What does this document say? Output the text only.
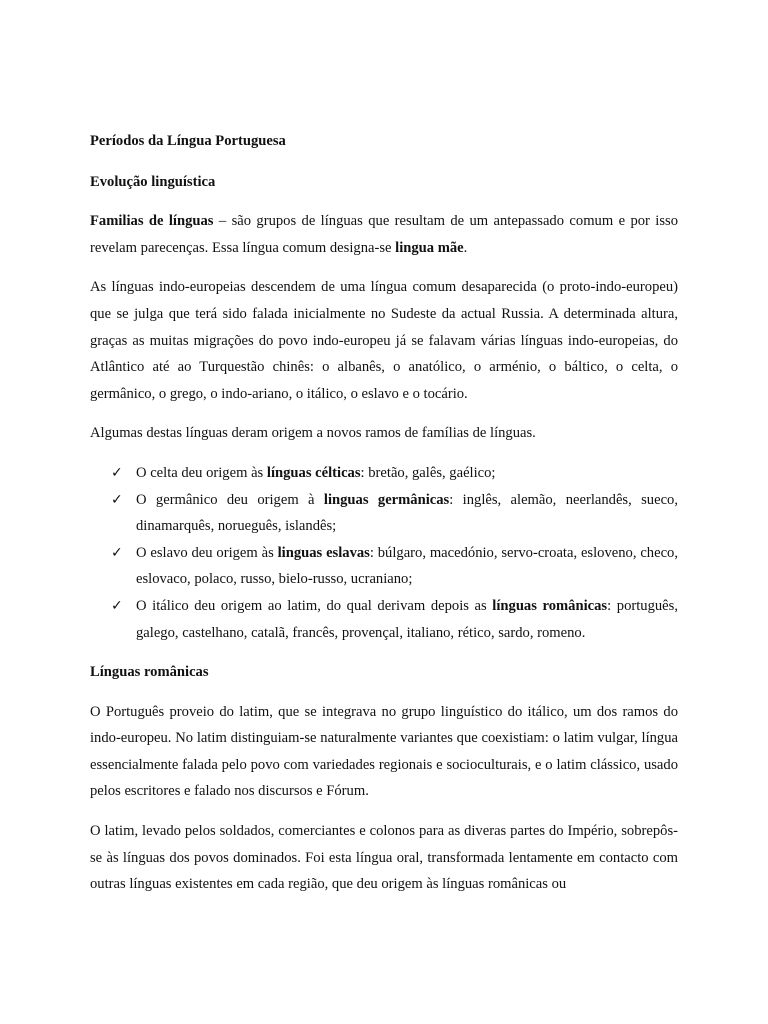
Períodos da Língua Portuguesa

Evolução linguística

Familias de línguas – são grupos de línguas que resultam de um antepassado comum e por isso revelam parecenças. Essa língua comum designa-se lingua mãe.

As línguas indo-europeias descendem de uma língua comum desaparecida (o proto-indo-europeu) que se julga que terá sido falada inicialmente no Sudeste da actual Russia. A determinada altura, graças as muitas migrações do povo indo-europeu já se falavam várias línguas indo-europeias, do Atlântico até ao Turquestão chinês: o albanês, o anatólico, o arménio, o báltico, o celta, o germânico, o grego, o indo-ariano, o itálico, o eslavo e o tocário.

Algumas destas línguas deram origem a novos ramos de famílias de línguas.

✓ O celta deu origem às línguas célticas: bretão, galês, gaélico;
✓ O germânico deu origem à linguas germânicas: inglês, alemão, neerlandês, sueco, dinamarquês, norueguês, islandês;
✓ O eslavo deu origem às linguas eslavas: búlgaro, macedónio, servo-croata, esloveno, checo, eslovaco, polaco, russo, bielo-russo, ucraniano;
✓ O itálico deu origem ao latim, do qual derivam depois as línguas românicas: português, galego, castelhano, catalã, francês, provençal, italiano, rético, sardo, romeno.

Línguas românicas

O Português proveio do latim, que se integrava no grupo linguístico do itálico, um dos ramos do indo-europeu. No latim distinguiam-se naturalmente variantes que coexistiam: o latim vulgar, língua essencialmente falada pelo povo com variedades regionais e socioculturais, e o latim clássico, usado pelos escritores e falado nos discursos e Fórum.

O latim, levado pelos soldados, comerciantes e colonos para as diveras partes do Império, sobrepôs-se às línguas dos povos dominados. Foi esta língua oral, transformada lentamente em contacto com outras línguas existentes em cada região, que deu origem às línguas românicas ou
